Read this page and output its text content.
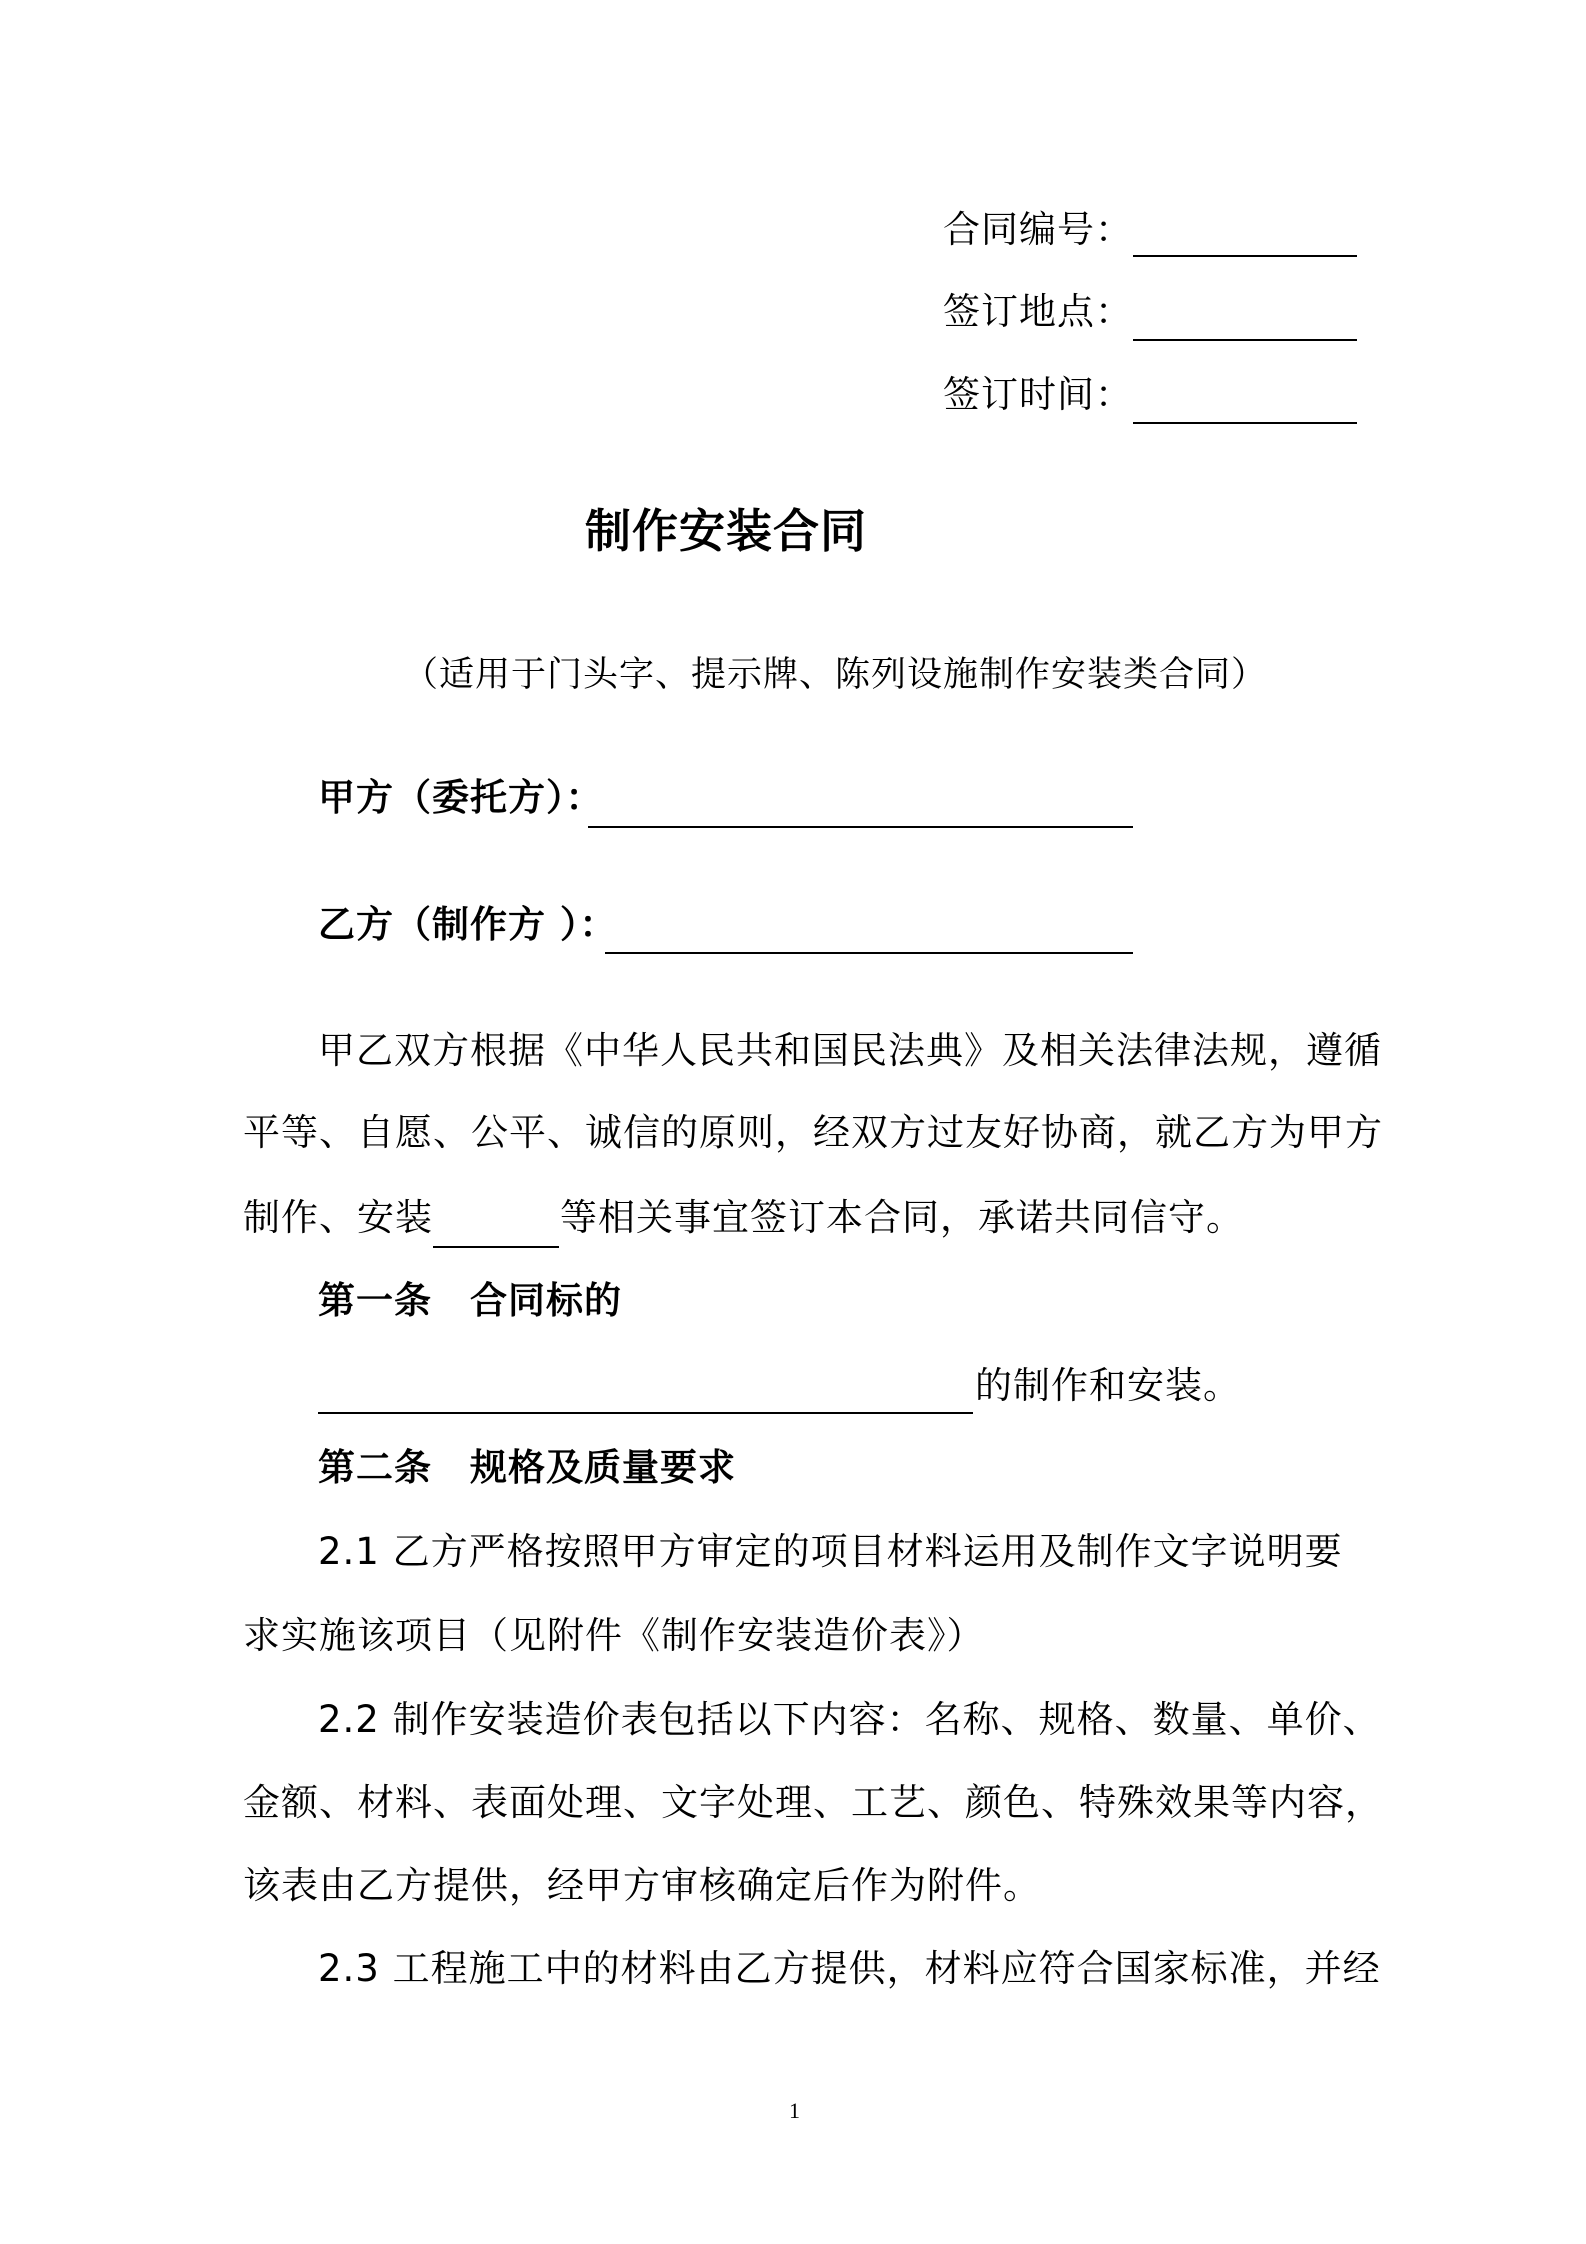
合同编号：
签订地点：
签订时间：
制作安装合同
（适用于门头字、提示牌、陈列设施制作安装类合同）
甲方（委托方）：
乙方（制作方 ）：
甲乙双方根据《中华人民共和国民法典》及相关法律法规，遵循
平等、自愿、公平、诚信的原则，经双方过友好协商，就乙方为甲方
制作、安装	等相关事宜签订本合同，承诺共同信守。
第一条　合同标的
的制作和安装。
第二条　规格及质量要求
2.1 乙方严格按照甲方审定的项目材料运用及制作文字说明要
求实施该项目（见附件《制作安装造价表》）
2.2 制作安装造价表包括以下内容：名称、规格、数量、单价、
金额、材料、表面处理、文字处理、工艺、颜色、特殊效果等内容，
该表由乙方提供，经甲方审核确定后作为附件。
2.3 工程施工中的材料由乙方提供，材料应符合国家标准，并经
1
